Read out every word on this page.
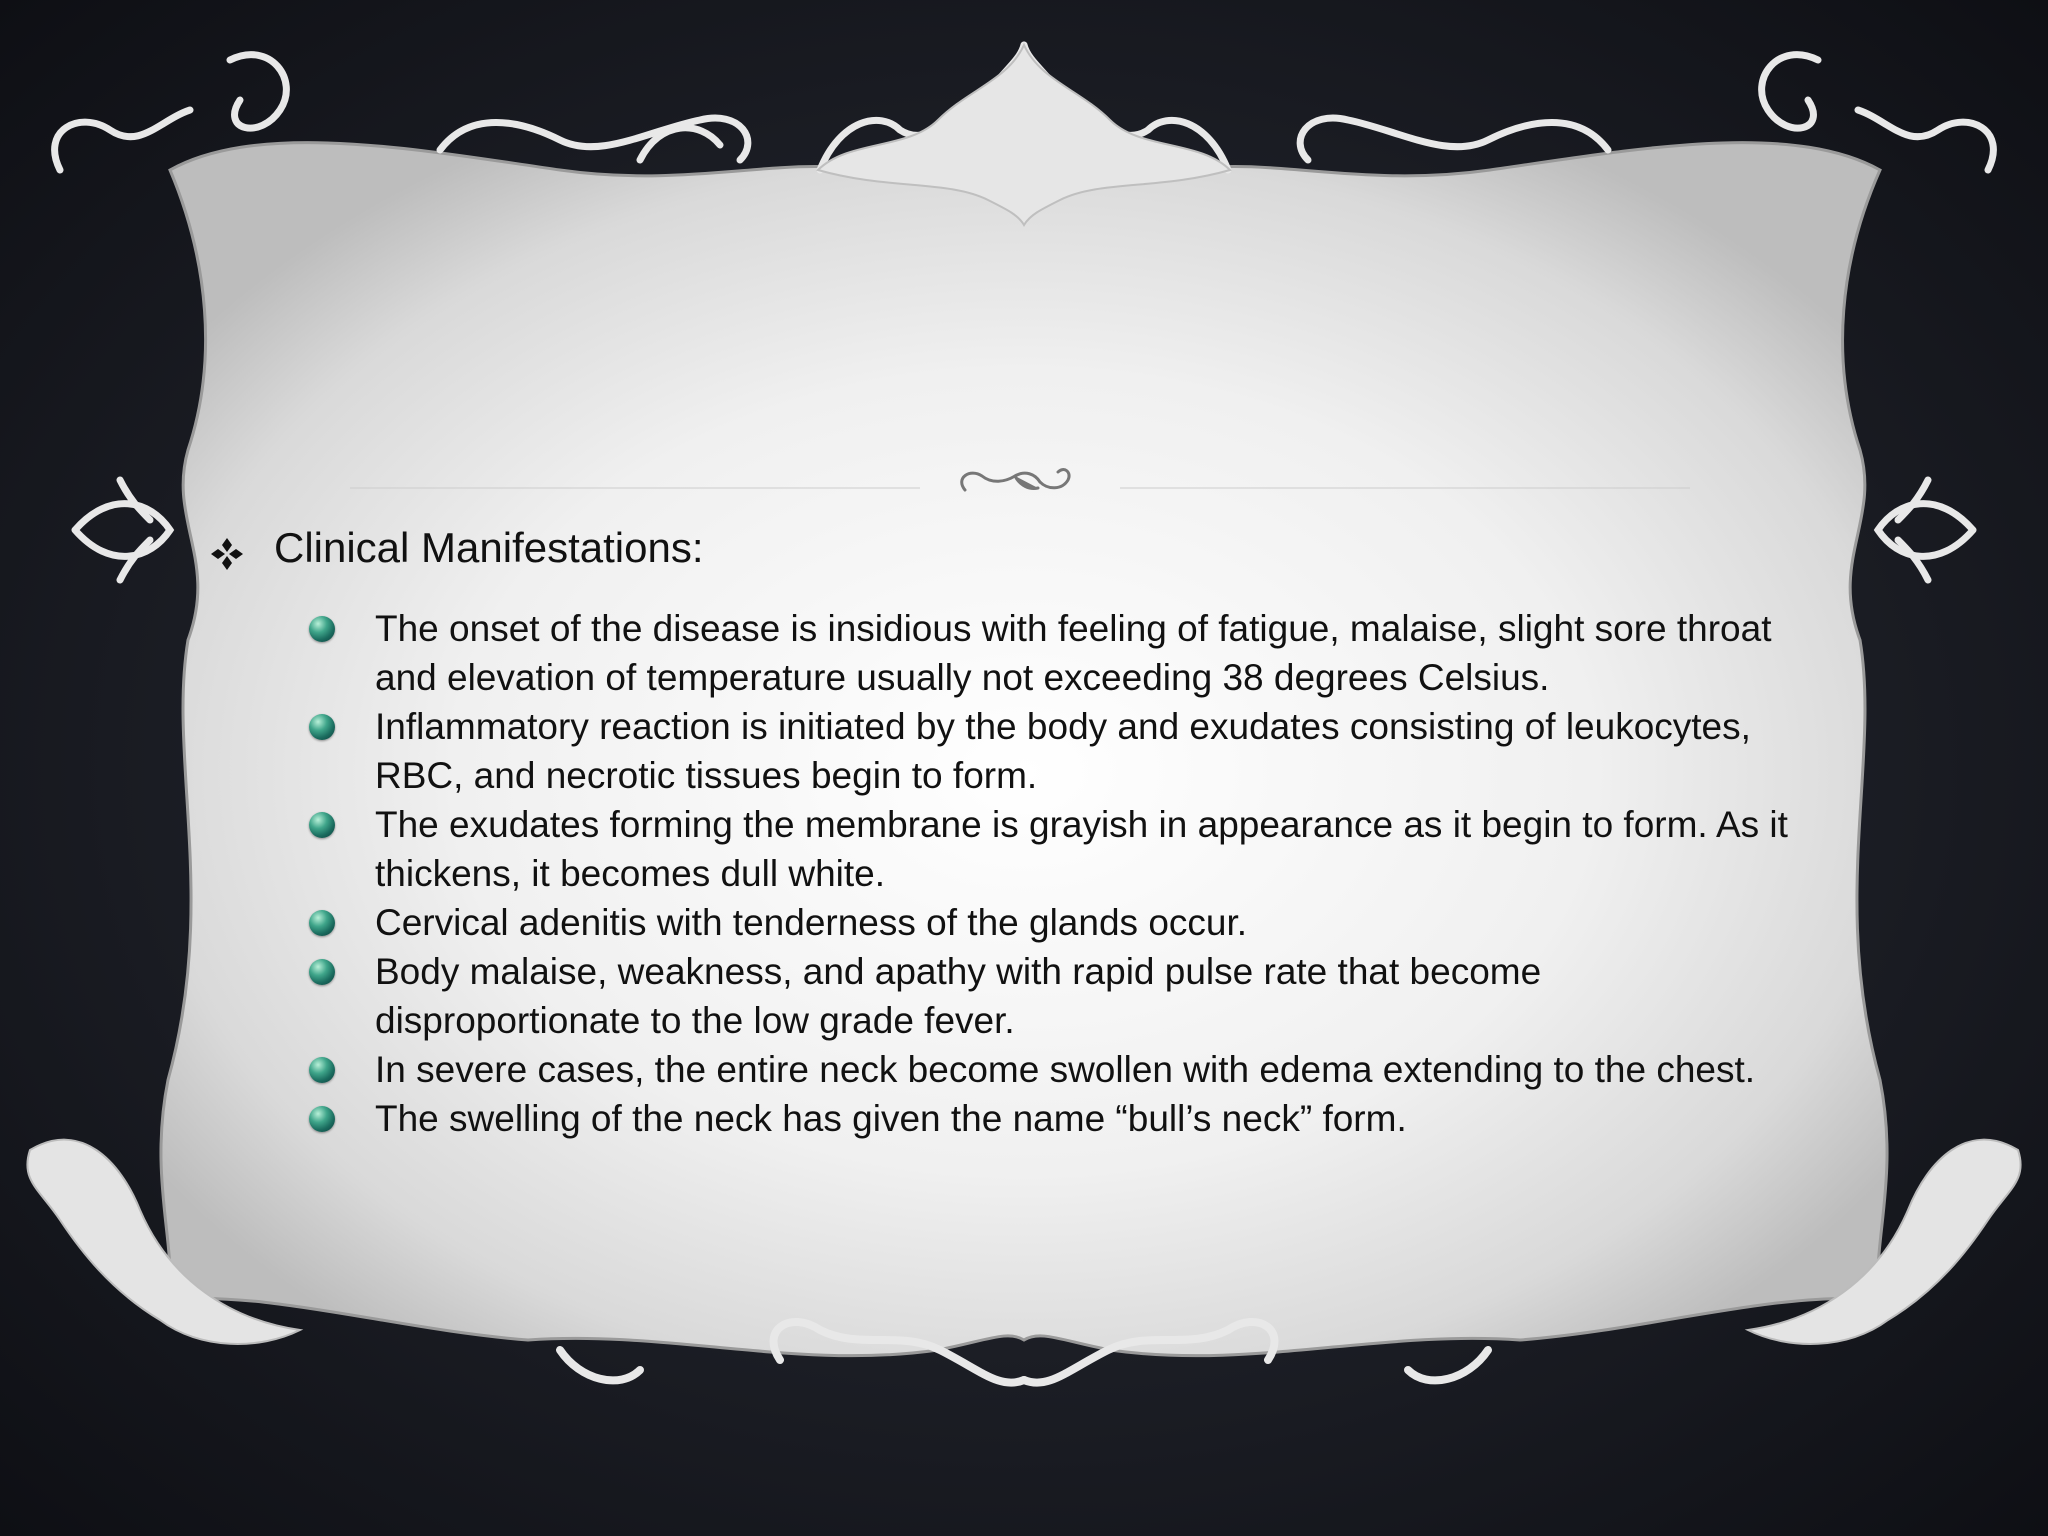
Clinical Manifestations:
The onset of the disease is insidious with feeling of fatigue, malaise, slight sore throat and elevation of temperature usually not exceeding 38 degrees Celsius.
Inflammatory reaction is initiated by the body and exudates consisting of leukocytes, RBC, and necrotic tissues begin to form.
The exudates forming the membrane is grayish in appearance as it begin to form. As it thickens, it becomes dull white.
Cervical adenitis with tenderness of the glands occur.
Body malaise, weakness, and apathy with rapid pulse rate that become disproportionate to the low grade fever.
In severe cases, the entire neck become swollen with edema extending to the chest.
The swelling of the neck has given the name “bull’s neck” form.
